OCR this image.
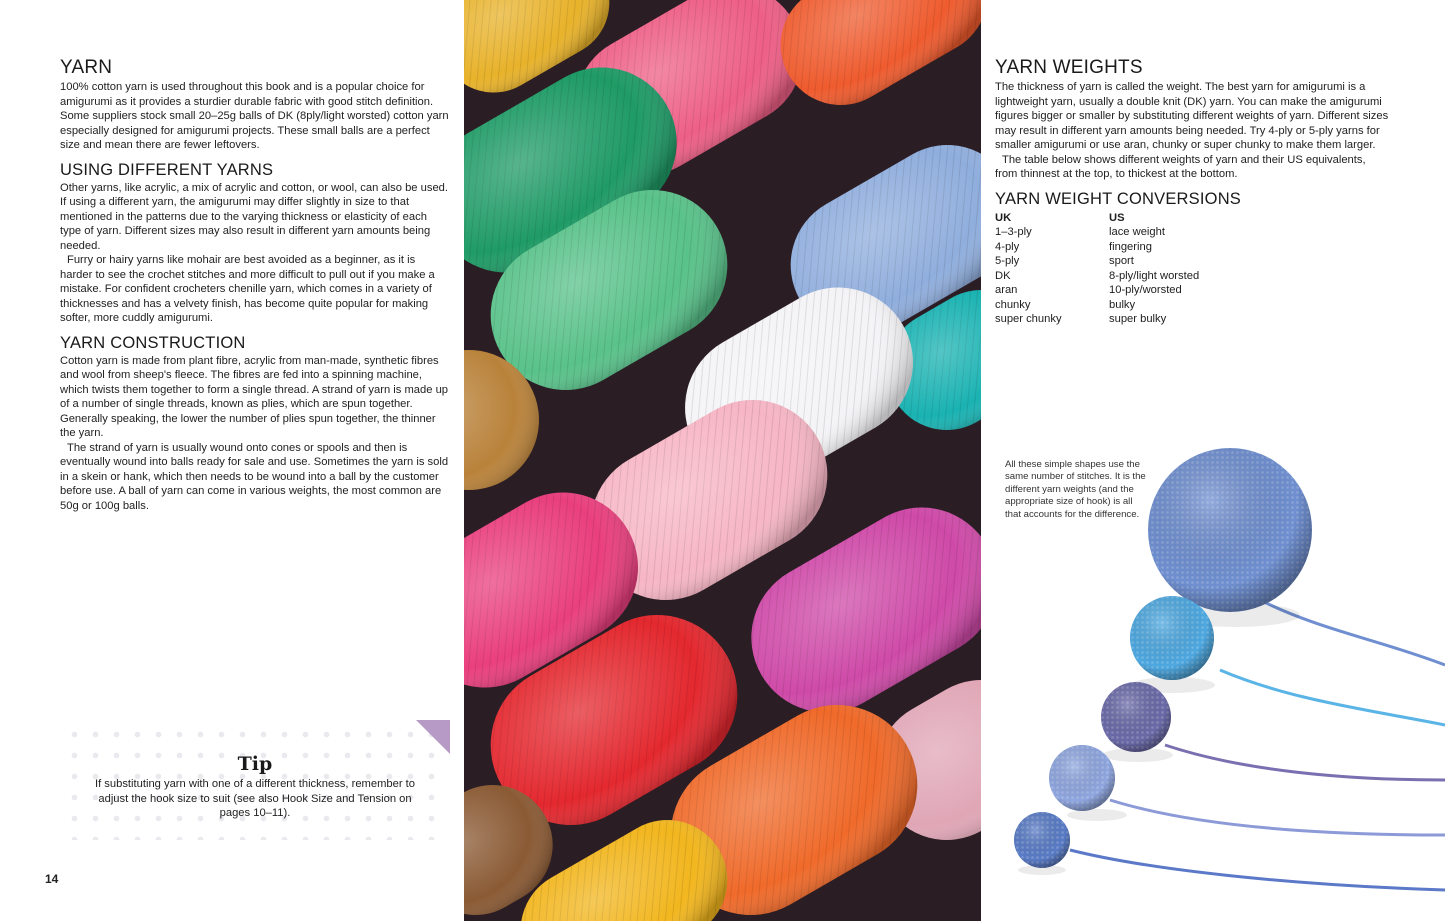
YARN

100% cotton yarn is used throughout this book and is a popular choice for amigurumi as it provides a sturdier durable fabric with good stitch definition. Some suppliers stock small 20–25g balls of DK (8ply/light worsted) cotton yarn especially designed for amigurumi projects. These small balls are a perfect size and mean there are fewer leftovers.

USING DIFFERENT YARNS

Other yarns, like acrylic, a mix of acrylic and cotton, or wool, can also be used. If using a different yarn, the amigurumi may differ slightly in size to that mentioned in the patterns due to the varying thickness or elasticity of each type of yarn. Different sizes may also result in different yarn amounts being needed.

Furry or hairy yarns like mohair are best avoided as a beginner, as it is harder to see the crochet stitches and more difficult to pull out if you make a mistake. For confident crocheters chenille yarn, which comes in a variety of thicknesses and has a velvety finish, has become quite popular for making softer, more cuddly amigurumi.

YARN CONSTRUCTION

Cotton yarn is made from plant fibre, acrylic from man-made, synthetic fibres and wool from sheep's fleece. The fibres are fed into a spinning machine, which twists them together to form a single thread. A strand of yarn is made up of a number of single threads, known as plies, which are spun together. Generally speaking, the lower the number of plies spun together, the thinner the yarn.

The strand of yarn is usually wound onto cones or spools and then is eventually wound into balls ready for sale and use. Sometimes the yarn is sold in a skein or hank, which then needs to be wound into a ball by the customer before use. A ball of yarn can come in various weights, the most common are 50g or 100g balls.

Tip
If substituting yarn with one of a different thickness, remember to adjust the hook size to suit (see also Hook Size and Tension on pages 10–11).
14
YARN WEIGHTS

The thickness of yarn is called the weight. The best yarn for amigurumi is a lightweight yarn, usually a double knit (DK) yarn. You can make the amigurumi figures bigger or smaller by substituting different weights of yarn. Different sizes may result in different yarn amounts being needed. Try 4-ply or 5-ply yarns for smaller amigurumi or use aran, chunky or super chunky to make them larger.

The table below shows different weights of yarn and their US equivalents, from thinnest at the top, to thickest at the bottom.

YARN WEIGHT CONVERSIONS
UK	US
1–3-ply	lace weight
4-ply	fingering
5-ply	sport
DK	8-ply/light worsted
aran	10-ply/worsted
chunky	bulky
super chunky	super bulky

All these simple shapes use the same number of stitches. It is the different yarn weights (and the appropriate size of hook) is all that accounts for the difference.
